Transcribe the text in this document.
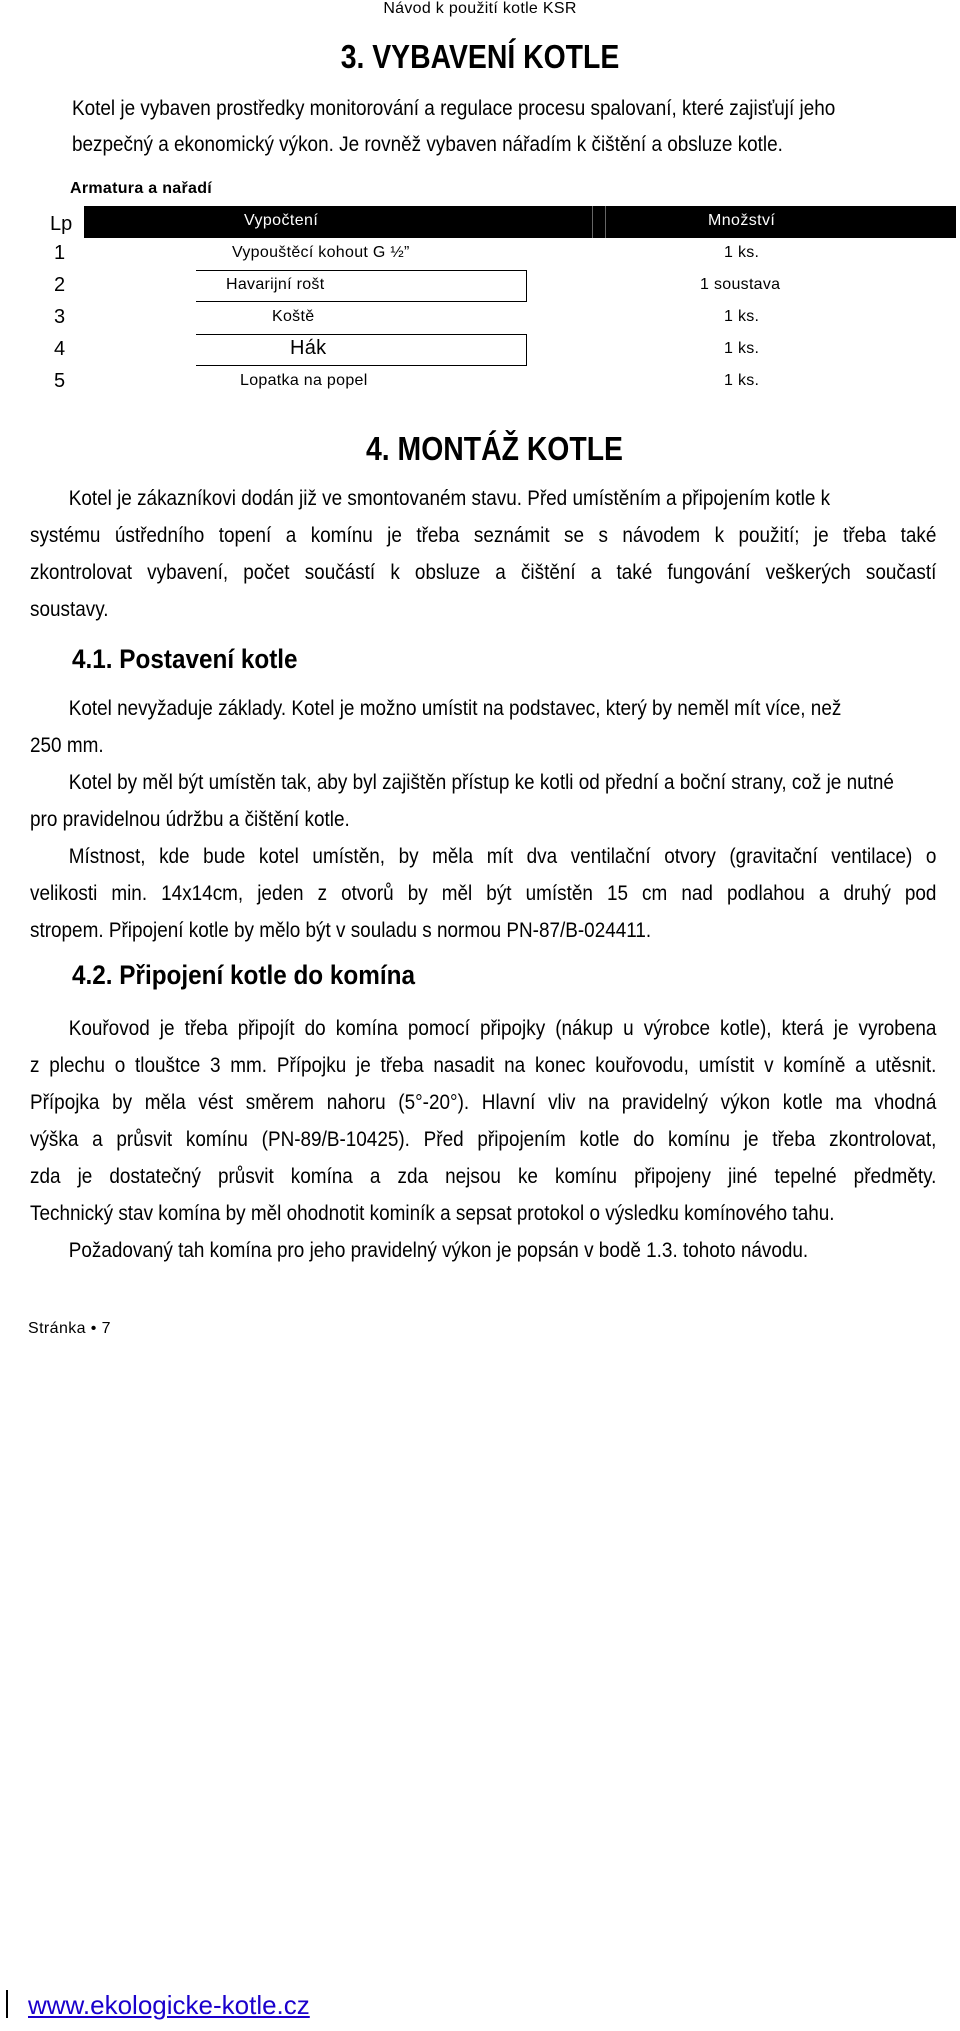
Návod k použití kotle KSR
3. VYBAVENÍ KOTLE
Kotel je vybaven prostředky monitorování a regulace procesu spalovaní, které zajisťují jeho
bezpečný a ekonomický výkon. Je rovněž vybaven nářadím k čištění a obsluze kotle.
Armatura a nařadí
Lp	Vypočtení	Množství
1	Vypouštěcí kohout G ½”	1 ks.
2	Havarijní rošt	1 soustava
3	Koště	1 ks.
4	Hák	1 ks.
5	Lopatka na popel	1 ks.
4. MONTÁŽ KOTLE
Kotel je zákazníkovi dodán již ve smontovaném stavu. Před umístěním a připojením kotle k
systému ústředního topení a komínu je třeba seznámit se s návodem k použití; je třeba také
zkontrolovat vybavení, počet součástí k obsluze a čištění a také fungování veškerých součastí
soustavy.
4.1. Postavení kotle
Kotel nevyžaduje základy. Kotel je možno umístit na podstavec, který by neměl mít více, než
250 mm.
Kotel by měl být umístěn tak, aby byl zajištěn přístup ke kotli od přední a boční strany, což je nutné
pro pravidelnou údržbu a čištění kotle.
Místnost, kde bude kotel umístěn, by měla mít dva ventilační otvory (gravitační ventilace) o
velikosti min. 14x14cm, jeden z otvorů by měl být umístěn 15 cm nad podlahou a druhý pod
stropem. Připojení kotle by mělo být v souladu s normou PN-87/B-024411.
4.2. Připojení kotle do komína
Kouřovod je třeba připojít do komína pomocí připojky (nákup u výrobce kotle), která je vyrobena
z plechu o tlouštce 3 mm. Přípojku je třeba nasadit na konec kouřovodu, umístit v komíně a utěsnit.
Přípojka by měla vést směrem nahoru (5°-20°). Hlavní vliv na pravidelný výkon kotle ma vhodná
výška a průsvit komínu (PN-89/B-10425). Před připojením kotle do komínu je třeba zkontrolovat,
zda je dostatečný průsvit komína a zda nejsou ke komínu připojeny jiné tepelné předměty.
Technický stav komína by měl ohodnotit kominík a sepsat protokol o výsledku komínového tahu.
Požadovaný tah komína pro jeho pravidelný výkon je popsán v bodě 1.3. tohoto návodu.
Stránka • 7
www.ekologicke-kotle.cz
